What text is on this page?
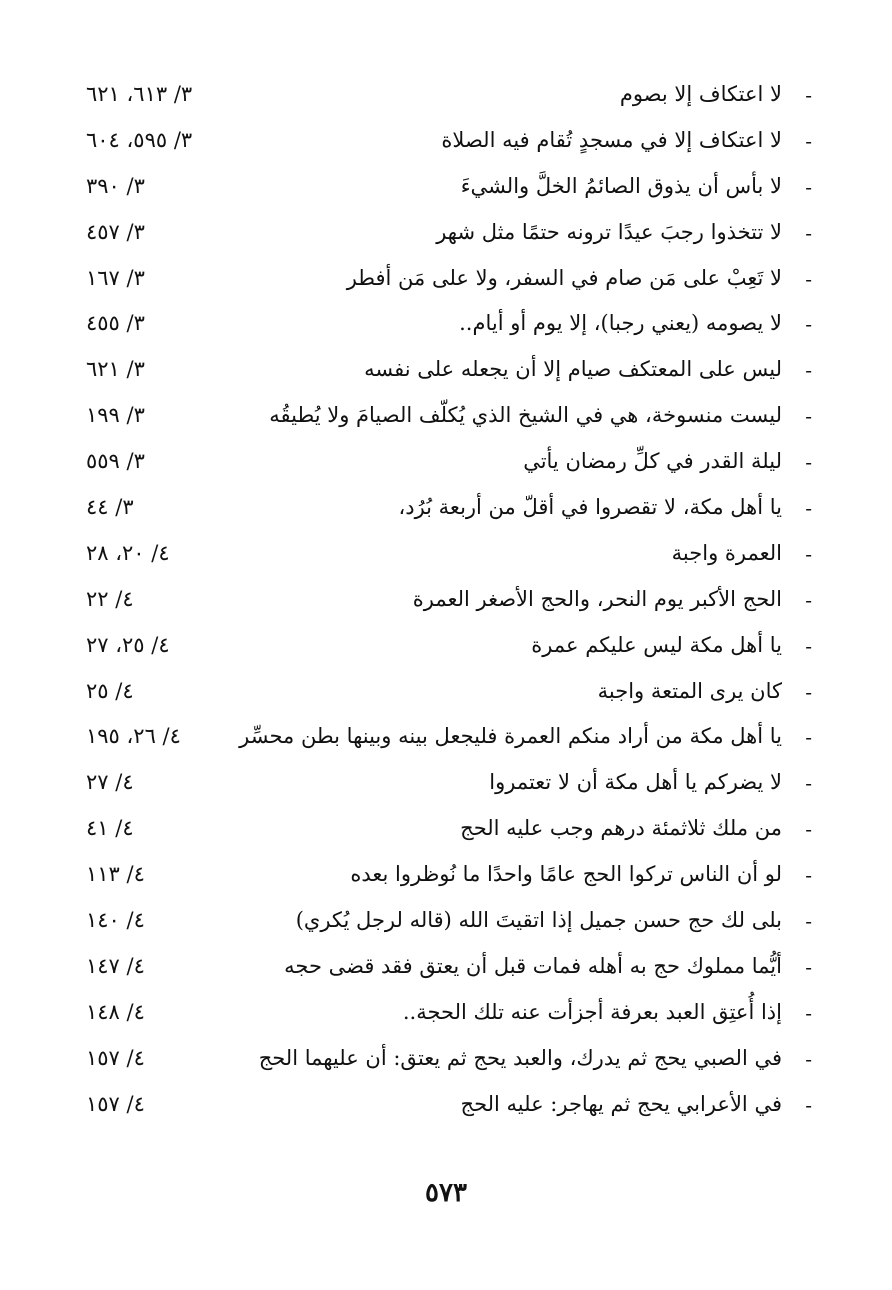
-
لا اعتكاف إلا بصوم
٣/ ٦١٣، ٦٢١
-
لا اعتكاف إلا في مسجدٍ تُقام فيه الصلاة
٣/ ٥٩٥، ٦٠٤
-
لا بأس أن يذوق الصائمُ الخلَّ والشيءَ
٣/ ٣٩٠
-
لا تتخذوا رجبَ عيدًا ترونه حتمًا مثل شهر
٣/ ٤٥٧
-
لا تَعِبْ على مَن صام في السفر، ولا على مَن أفطر
٣/ ١٦٧
-
لا يصومه (يعني رجبا)، إلا يوم أو أيام..
٣/ ٤٥٥
-
ليس على المعتكف صيام إلا أن يجعله على نفسه
٣/ ٦٢١
-
ليست منسوخة، هي في الشيخ الذي يُكلّف الصيامَ ولا يُطيقُه
٣/ ١٩٩
-
ليلة القدر في كلِّ رمضان يأتي
٣/ ٥٥٩
-
يا أهل مكة، لا تقصروا في أقلّ من أربعة بُرُد،
٣/ ٤٤
-
العمرة واجبة
٤/ ٢٠، ٢٨
-
الحج الأكبر يوم النحر، والحج الأصغر العمرة
٤/ ٢٢
-
يا أهل مكة ليس عليكم عمرة
٤/ ٢٥، ٢٧
-
كان يرى المتعة واجبة
٤/ ٢٥
-
يا أهل مكة من أراد منكم العمرة فليجعل بينه وبينها بطن محسِّر
٤/ ٢٦، ١٩٥
-
لا يضركم يا أهل مكة أن لا تعتمروا
٤/ ٢٧
-
من ملك ثلاثمئة درهم وجب عليه الحج
٤/ ٤١
-
لو أن الناس تركوا الحج عامًا واحدًا ما نُوظروا بعده
٤/ ١١٣
-
بلى لك حج حسن جميل إذا اتقيتَ الله (قاله لرجل يُكري)
٤/ ١٤٠
-
أيُّما مملوك حج به أهله فمات قبل أن يعتق فقد قضى حجه
٤/ ١٤٧
-
إذا أُعتِق العبد بعرفة أجزأت عنه تلك الحجة..
٤/ ١٤٨
-
في الصبي يحج ثم يدرك، والعبد يحج ثم يعتق: أن عليهما الحج
٤/ ١٥٧
-
في الأعرابي يحج ثم يهاجر: عليه الحج
٤/ ١٥٧
٥٧٣
